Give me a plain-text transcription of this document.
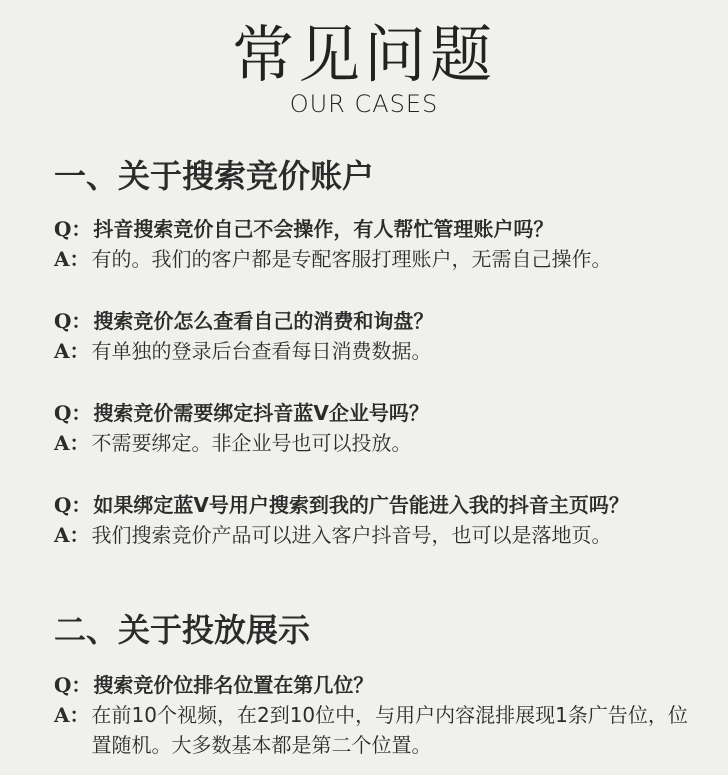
常见问题
OUR CASES
一、关于搜索竞价账户
Q： 抖音搜索竞价自己不会操作，有人帮忙管理账户吗？
A： 有的。我们的客户都是专配客服打理账户，无需自己操作。
Q： 搜索竞价怎么查看自己的消费和询盘？
A： 有单独的登录后台查看每日消费数据。
Q： 搜索竞价需要绑定抖音蓝V企业号吗？
A： 不需要绑定。非企业号也可以投放。
Q： 如果绑定蓝V号用户搜索到我的广告能进入我的抖音主页吗？
A： 我们搜索竞价产品可以进入客户抖音号，也可以是落地页。
二、关于投放展示
Q： 搜索竞价位排名位置在第几位？
A： 在前10个视频，在2到10位中，与用户内容混排展现1条广告位，位置随机。大多数基本都是第二个位置。
